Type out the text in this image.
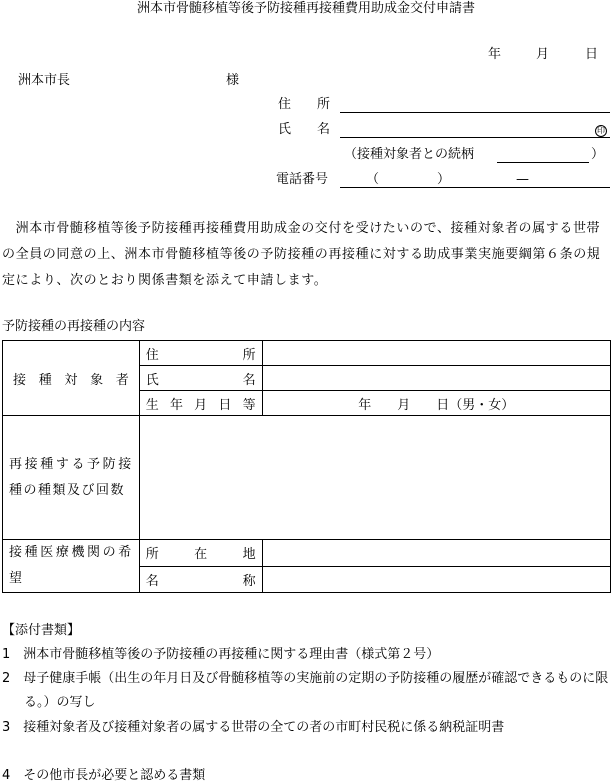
洲本市骨髄移植等後予防接種再接種費用助成金交付申請書
年	月	日
洲本市長	様
住　　所
氏　　名	印
（接種対象者との続柄	）
電話番号	（	）	—
　洲本市骨髄移植等後予防接種再接種費用助成金の交付を受けたいので、接種対象者の属する世帯の全員の同意の上、洲本市骨髄移植等後の予防接種の再接種に対する助成事業実施要綱第６条の規定により、次のとおり関係書類を添えて申請します。
予防接種の再接種の内容
接種対象者	住所	

	氏名	

	生年月日等	年　　月　　日（男・女）

再接種する予防接種の種類及び回数		

接種医療機関の希望	所在地	

	名称	

【添付書類】
1　洲本市骨髄移植等後の予防接種の再接種に関する理由書（様式第２号）
2　母子健康手帳（出生の年月日及び骨髄移植等の実施前の定期の予防接種の履歴が確認できるものに限る。）の写し
3　接種対象者及び接種対象者の属する世帯の全ての者の市町村民税に係る納税証明書
4　その他市長が必要と認める書類
